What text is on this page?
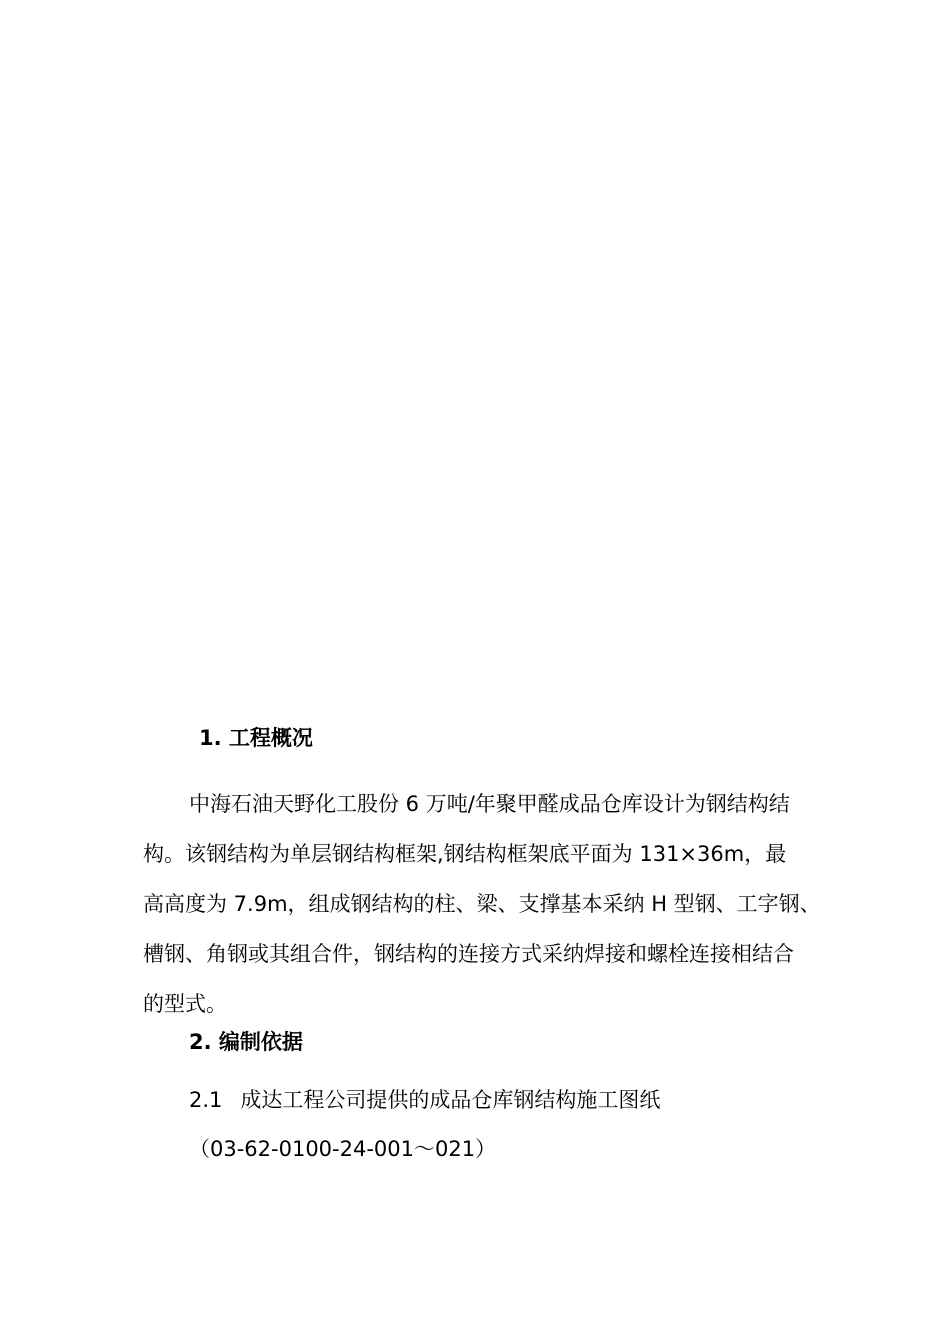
1. 工程概况
中海石油天野化工股份 6 万吨/年聚甲醛成品仓库设计为钢结构结
构。该钢结构为单层钢结构框架,钢结构框架底平面为 131×36m，最
高高度为 7.9m，组成钢结构的柱、梁、支撑基本采纳 H 型钢、工字钢、
槽钢、角钢或其组合件，钢结构的连接方式采纳焊接和螺栓连接相结合
的型式。
2. 编制依据
2.1 成达工程公司提供的成品仓库钢结构施工图纸
（03-62-0100-24-001～021）
